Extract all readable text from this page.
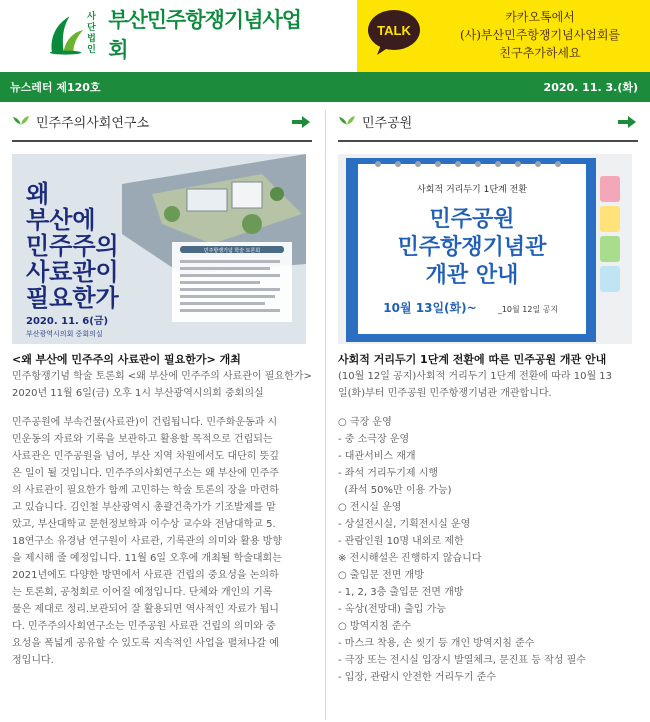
사단
법인
부산민주항쟁기념사업회
TALK
카카오톡에서
(사)부산민주항쟁기념사업회를
친구추가하세요
뉴스레터 제120호	2020. 11. 3.(화)
민주주의사회연구소
민주항쟁기념 학술 토론회
왜
부산에
민주주의
사료관이
필요한가
2020. 11. 6(금)
부산광역시의회 중회의실
<왜 부산에 민주주의 사료관이 필요한가> 개최
민주항쟁기념 학술 토론회 <왜 부산에 민주주의 사료관이 필요한가>
2020년 11월 6일(금) 오후 1시 부산광역시의회 중회의실
민주공원에 부속건물(사료관)이 건립됩니다. 민주화운동과 시
민운동의 자료와 기록을 보관하고 활용할 목적으로 건립되는
사료관은 민주공원을 넘어, 부산 지역 차원에서도 대단히 뜻깊
은 일이 될 것입니다. 민주주의사회연구소는 왜 부산에 민주주
의 사료관이 필요한가 함께 고민하는 학술 토론의 장을 마련하
고 있습니다. 김인철 부산광역시 총괄건축가가 기조발제를 맡
았고, 부산대학교 문헌정보학과 이수상 교수와 전남대학교 5.
18연구소 유경남 연구원이 사료관, 기록관의 의미와 활용 방향
을 제시해 줄 예정입니다. 11월 6일 오후에 개최될 학술대회는
2021년에도 다양한 방면에서 사료관 건립의 중요성을 논의하
는 토론회, 공청회로 이어질 예정입니다. 단체와 개인의 기록
물은 제대로 정리.보관되어 잘 활용되면 역사적인 자료가 됩니
다. 민주주의사회연구소는 민주공원 사료관 건립의 의미와 중
요성을 폭넓게 공유할 수 있도록 지속적인 사업을 펼쳐나갈 예
정입니다.
민주공원
사회적 거리두기 1단계 전환
민주공원
민주항쟁기념관
개관 안내
10월 13일(화)~	_10월 12일 공지
사회적 거리두기 1단계 전환에 따른 민주공원 개관 안내
(10월 12일 공지)사회적 거리두기 1단계 전환에 따라 10월 13
일(화)부터 민주공원 민주항쟁기념관 개관합니다.
○ 극장 운영
- 중 소극장 운영
- 대관서비스 재개
- 좌석 거리두기제 시행
(좌석 50%만 이용 가능)
○ 전시실 운영
- 상설전시실, 기획전시실 운영
- 관람인원 10명 내외로 제한
※ 전시해설은 진행하지 않습니다
○ 출입문 전면 개방
- 1, 2, 3층 출입문 전면 개방
- 옥상(전망대) 출입 가능
○ 방역지침 준수
- 마스크 착용, 손 씻기 등 개인 방역지침 준수
- 극장 또는 전시실 입장시 발열체크, 문진표 등 작성 필수
- 입장, 관람시 안전한 거리두기 준수
